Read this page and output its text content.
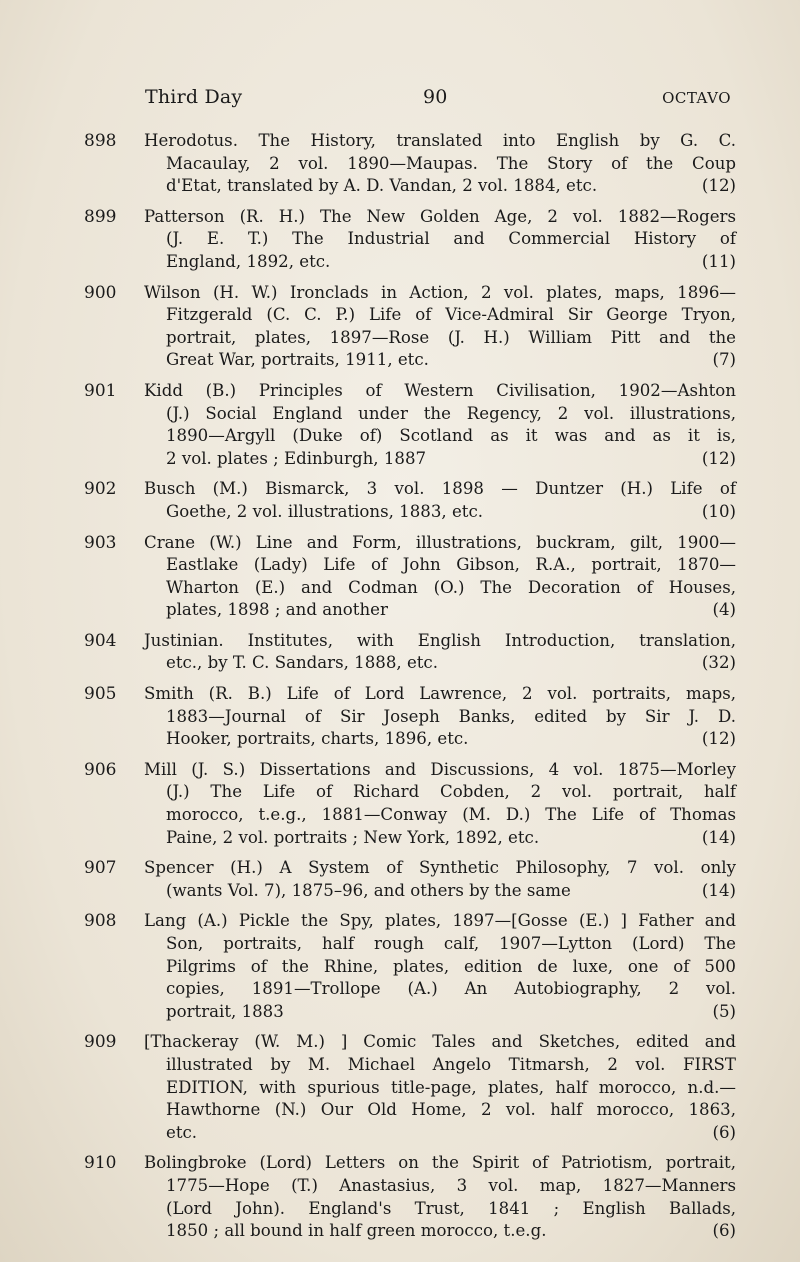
Third Day	90	OCTAVO
898	Herodotus. The History, translated into English by G. C.
Macaulay, 2 vol. 1890—Maupas. The Story of the Coup
d'Etat, translated by A. D. Vandan, 2 vol. 1884, etc.	(12)
899	Patterson (R. H.) The New Golden Age, 2 vol. 1882—Rogers
(J. E. T.) The Industrial and Commercial History of
England, 1892, etc.	(11)
900	Wilson (H. W.) Ironclads in Action, 2 vol. plates, maps, 1896—
Fitzgerald (C. C. P.) Life of Vice-Admiral Sir George Tryon,
portrait, plates, 1897—Rose (J. H.) William Pitt and the
Great War, portraits, 1911, etc.	(7)
901	Kidd (B.) Principles of Western Civilisation, 1902—Ashton
(J.) Social England under the Regency, 2 vol. illustrations,
1890—Argyll (Duke of) Scotland as it was and as it is,
2 vol. plates ; Edinburgh, 1887	(12)
902	Busch (M.) Bismarck, 3 vol. 1898 — Duntzer (H.) Life of
Goethe, 2 vol. illustrations, 1883, etc.	(10)
903	Crane (W.) Line and Form, illustrations, buckram, gilt, 1900—
Eastlake (Lady) Life of John Gibson, R.A., portrait, 1870—
Wharton (E.) and Codman (O.) The Decoration of Houses,
plates, 1898 ; and another	(4)
904	Justinian. Institutes, with English Introduction, translation,
etc., by T. C. Sandars, 1888, etc.	(32)
905	Smith (R. B.) Life of Lord Lawrence, 2 vol. portraits, maps,
1883—Journal of Sir Joseph Banks, edited by Sir J. D.
Hooker, portraits, charts, 1896, etc.	(12)
906	Mill (J. S.) Dissertations and Discussions, 4 vol. 1875—Morley
(J.) The Life of Richard Cobden, 2 vol. portrait, half
morocco, t.e.g., 1881—Conway (M. D.) The Life of Thomas
Paine, 2 vol. portraits ; New York, 1892, etc.	(14)
907	Spencer (H.) A System of Synthetic Philosophy, 7 vol. only
(wants Vol. 7), 1875–96, and others by the same	(14)
908	Lang (A.) Pickle the Spy, plates, 1897—[Gosse (E.) ] Father and
Son, portraits, half rough calf, 1907—Lytton (Lord) The
Pilgrims of the Rhine, plates, edition de luxe, one of 500
copies, 1891—Trollope (A.) An Autobiography, 2 vol.
portrait, 1883	(5)
909	[Thackeray (W. M.) ] Comic Tales and Sketches, edited and
illustrated by M. Michael Angelo Titmarsh, 2 vol. FIRST
EDITION, with spurious title-page, plates, half morocco, n.d.—
Hawthorne (N.) Our Old Home, 2 vol. half morocco, 1863,
etc.	(6)
910	Bolingbroke (Lord) Letters on the Spirit of Patriotism, portrait,
1775—Hope (T.) Anastasius, 3 vol. map, 1827—Manners
(Lord John). England's Trust, 1841 ; English Ballads,
1850 ; all bound in half green morocco, t.e.g.	(6)
